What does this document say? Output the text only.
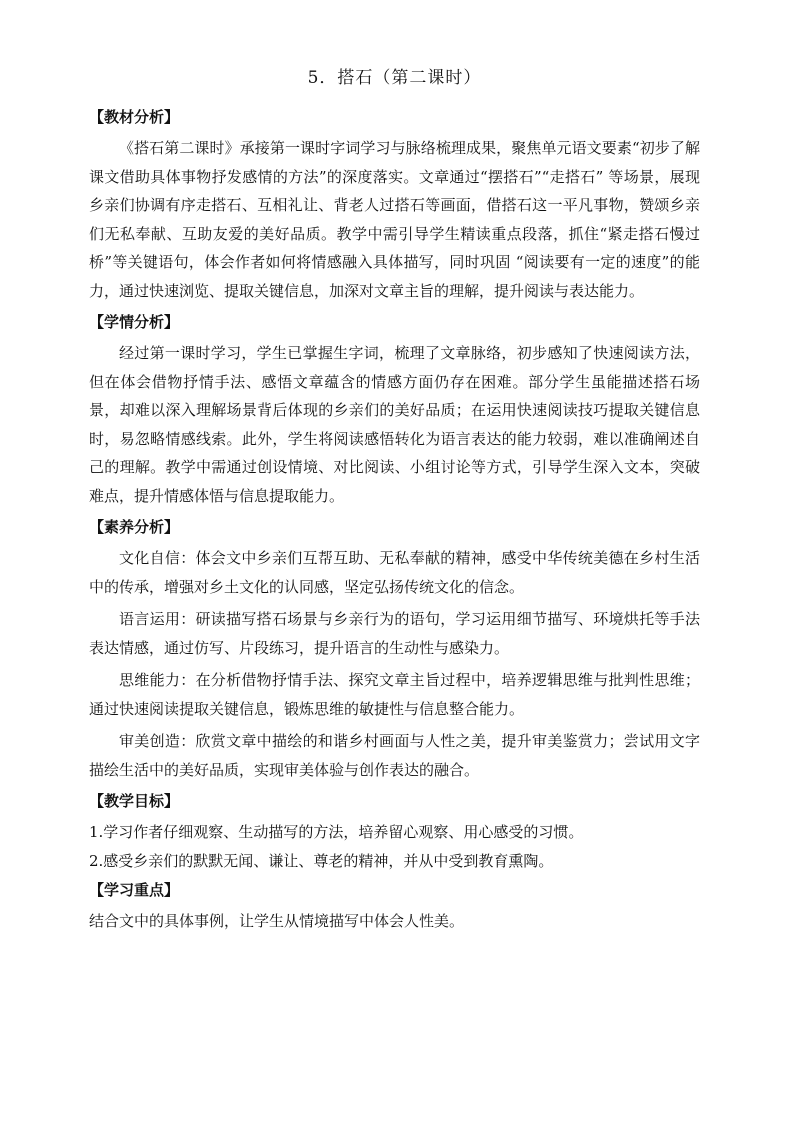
5．搭石（第二课时）
【教材分析】

《搭石第二课时》承接第一课时字词学习与脉络梳理成果，聚焦单元语文要素“初步了解课文借助具体事物抒发感情的方法”的深度落实。文章通过“摆搭石”“走搭石” 等场景，展现乡亲们协调有序走搭石、互相礼让、背老人过搭石等画面，借搭石这一平凡事物，赞颂乡亲们无私奉献、互助友爱的美好品质。教学中需引导学生精读重点段落，抓住“紧走搭石慢过桥”等关键语句，体会作者如何将情感融入具体描写，同时巩固 “阅读要有一定的速度”的能力，通过快速浏览、提取关键信息，加深对文章主旨的理解，提升阅读与表达能力。

【学情分析】

经过第一课时学习，学生已掌握生字词，梳理了文章脉络，初步感知了快速阅读方法，但在体会借物抒情手法、感悟文章蕴含的情感方面仍存在困难。部分学生虽能描述搭石场景，却难以深入理解场景背后体现的乡亲们的美好品质；在运用快速阅读技巧提取关键信息时，易忽略情感线索。此外，学生将阅读感悟转化为语言表达的能力较弱，难以准确阐述自己的理解。教学中需通过创设情境、对比阅读、小组讨论等方式，引导学生深入文本，突破难点，提升情感体悟与信息提取能力。

【素养分析】

文化自信：体会文中乡亲们互帮互助、无私奉献的精神，感受中华传统美德在乡村生活中的传承，增强对乡土文化的认同感，坚定弘扬传统文化的信念。

语言运用：研读描写搭石场景与乡亲行为的语句，学习运用细节描写、环境烘托等手法表达情感，通过仿写、片段练习，提升语言的生动性与感染力。

思维能力：在分析借物抒情手法、探究文章主旨过程中，培养逻辑思维与批判性思维；通过快速阅读提取关键信息，锻炼思维的敏捷性与信息整合能力。

审美创造：欣赏文章中描绘的和谐乡村画面与人性之美，提升审美鉴赏力；尝试用文字描绘生活中的美好品质，实现审美体验与创作表达的融合。

【教学目标】
1.学习作者仔细观察、生动描写的方法，培养留心观察、用心感受的习惯。
2.感受乡亲们的默默无闻、谦让、尊老的精神，并从中受到教育熏陶。
【学习重点】
结合文中的具体事例，让学生从情境描写中体会人性美。
